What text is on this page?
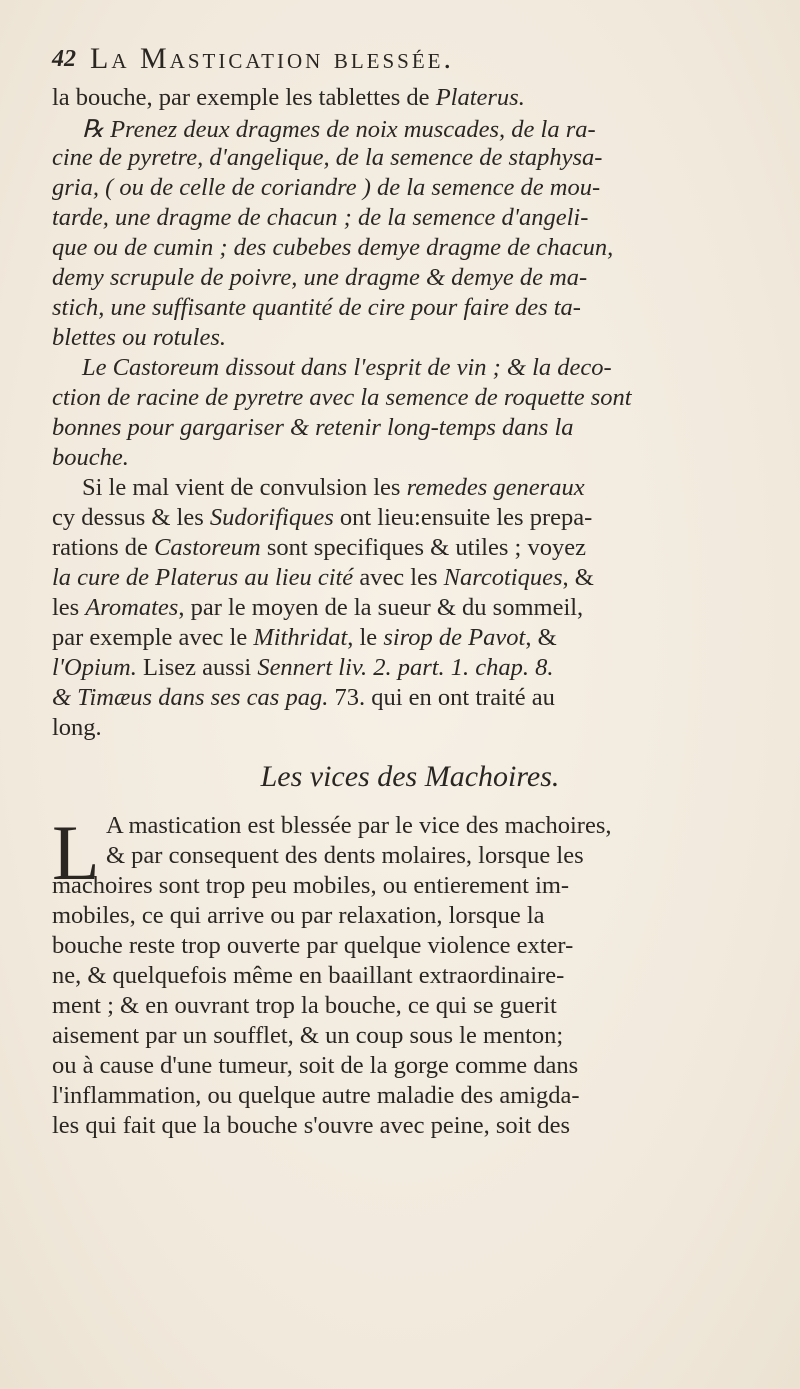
42 La Mastication blessée.
la bouche, par exemple les tablettes de Platerus.
℞ Prenez deux dragmes de noix muscades, de la ra-
cine de pyretre, d'angelique, de la semence de staphysa-
gria, ( ou de celle de coriandre ) de la semence de mou-
tarde, une dragme de chacun ; de la semence d'angeli-
que ou de cumin ; des cubebes demye dragme de chacun,
demy scrupule de poivre, une dragme & demye de ma-
stich, une suffisante quantité de cire pour faire des ta-
blettes ou rotules.
Le Castoreum dissout dans l'esprit de vin ; & la deco-
ction de racine de pyretre avec la semence de roquette sont
bonnes pour gargariser & retenir long-temps dans la
bouche.
Si le mal vient de convulsion les remedes generaux
cy dessus & les Sudorifiques ont lieu:ensuite les prepa-
rations de Castoreum sont specifiques & utiles ; voyez
la cure de Platerus au lieu cité avec les Narcotiques, &
les Aromates, par le moyen de la sueur & du sommeil,
par exemple avec le Mithridat, le sirop de Pavot, &
l'Opium. Lisez aussi Sennert liv. 2. part. 1. chap. 8.
& Timæus dans ses cas pag. 73. qui en ont traité au
long.
Les vices des Machoires.
L A mastication est blessée par le vice des machoires,
& par consequent des dents molaires, lorsque les
machoires sont trop peu mobiles, ou entierement im-
mobiles, ce qui arrive ou par relaxation, lorsque la
bouche reste trop ouverte par quelque violence exter-
ne, & quelquefois même en baaillant extraordinaire-
ment ; & en ouvrant trop la bouche, ce qui se guerit
aisement par un soufflet, & un coup sous le menton;
ou à cause d'une tumeur, soit de la gorge comme dans
l'inflammation, ou quelque autre maladie des amigda-
les qui fait que la bouche s'ouvre avec peine, soit des
